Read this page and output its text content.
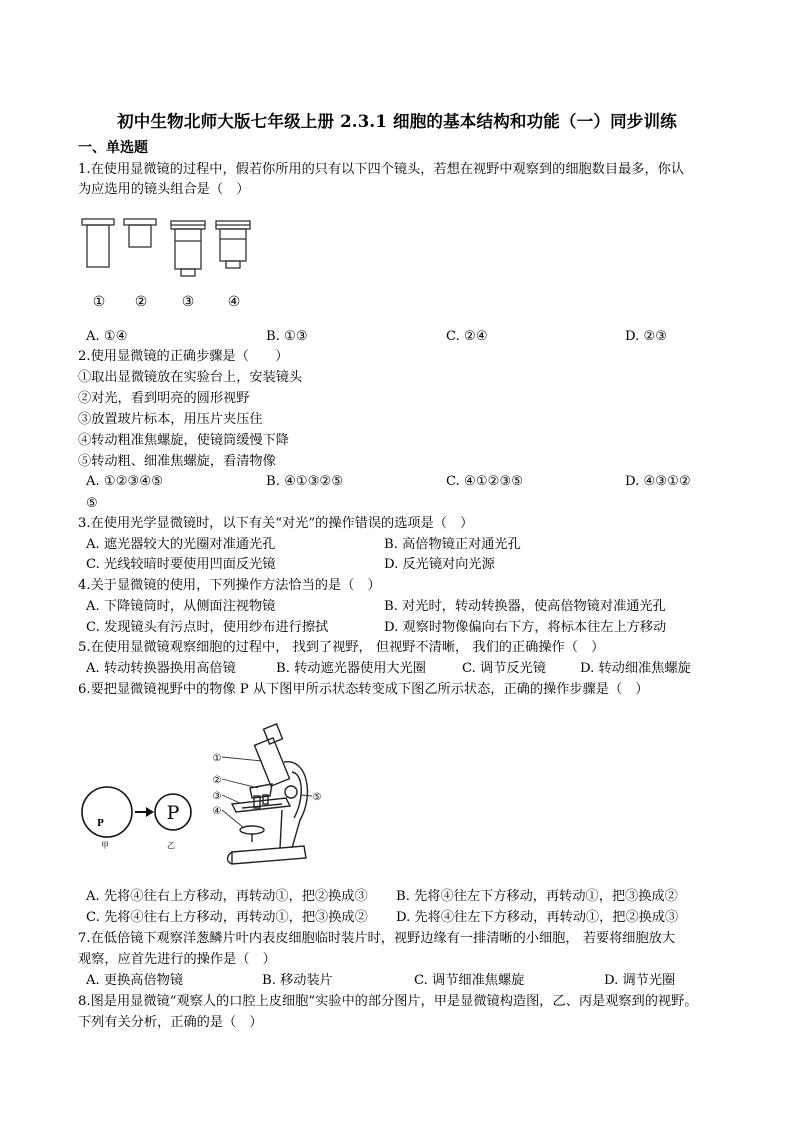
初中生物北师大版七年级上册 2.3.1 细胞的基本结构和功能（一）同步训练
一、单选题
1.在使用显微镜的过程中，假若你所用的只有以下四个镜头，若想在视野中观察到的细胞数目最多，你认
为应选用的镜头组合是（　）
① ② ③ ④
A. ①④	B. ①③	C. ②④	D. ②③
2.使用显微镜的正确步骤是（　　）
①取出显微镜放在实验台上，安装镜头
②对光，看到明亮的圆形视野
③放置玻片标本，用压片夹压住
④转动粗准焦螺旋，使镜筒缓慢下降
⑤转动粗、细准焦螺旋，看清物像
A. ①②③④⑤	B. ④①③②⑤	C. ④①②③⑤	D. ④③①②
⑤
3.在使用光学显微镜时，以下有关“对光”的操作错误的选项是（　）
A. 遮光器较大的光圈对准通光孔	B. 高倍物镜正对通光孔
C. 光线较暗时要使用凹面反光镜	D. 反光镜对向光源
4.关于显微镜的使用，下列操作方法恰当的是（　）
A. 下降镜筒时，从侧面注视物镜	B. 对光时，转动转换器，使高倍物镜对准通光孔
C. 发现镜头有污点时，使用纱布进行擦拭	D. 观察时物像偏向右下方，将标本往左上方移动
5.在使用显微镜观察细胞的过程中， 找到了视野， 但视野不清晰， 我们的正确操作（　）
A. 转动转换器换用高倍镜	B. 转动遮光器使用大光圈	C. 调节反光镜	D. 转动细准焦螺旋
6.要把显微镜视野中的物像 P 从下图甲所示状态转变成下图乙所示状态，正确的操作步骤是（　）
P
甲
P
乙
①
②
③
④
⑤
A. 先将④往右上方移动，再转动①，把②换成③ B. 先将④往左下方移动，再转动①，把③换成②
C. 先将④往右上方移动，再转动①，把③换成② D. 先将④往左下方移动，再转动①，把②换成③
7.在低倍镜下观察洋葱鳞片叶内表皮细胞临时装片时，视野边缘有一排清晰的小细胞， 若要将细胞放大
观察，应首先进行的操作是（　）
A. 更换高倍物镜	B. 移动装片	C. 调节细准焦螺旋	D. 调节光圈
8.图是用显微镜“观察人的口腔上皮细胞”实验中的部分图片，甲是显微镜构造图，乙、丙是观察到的视野。
下列有关分析，正确的是（　）
